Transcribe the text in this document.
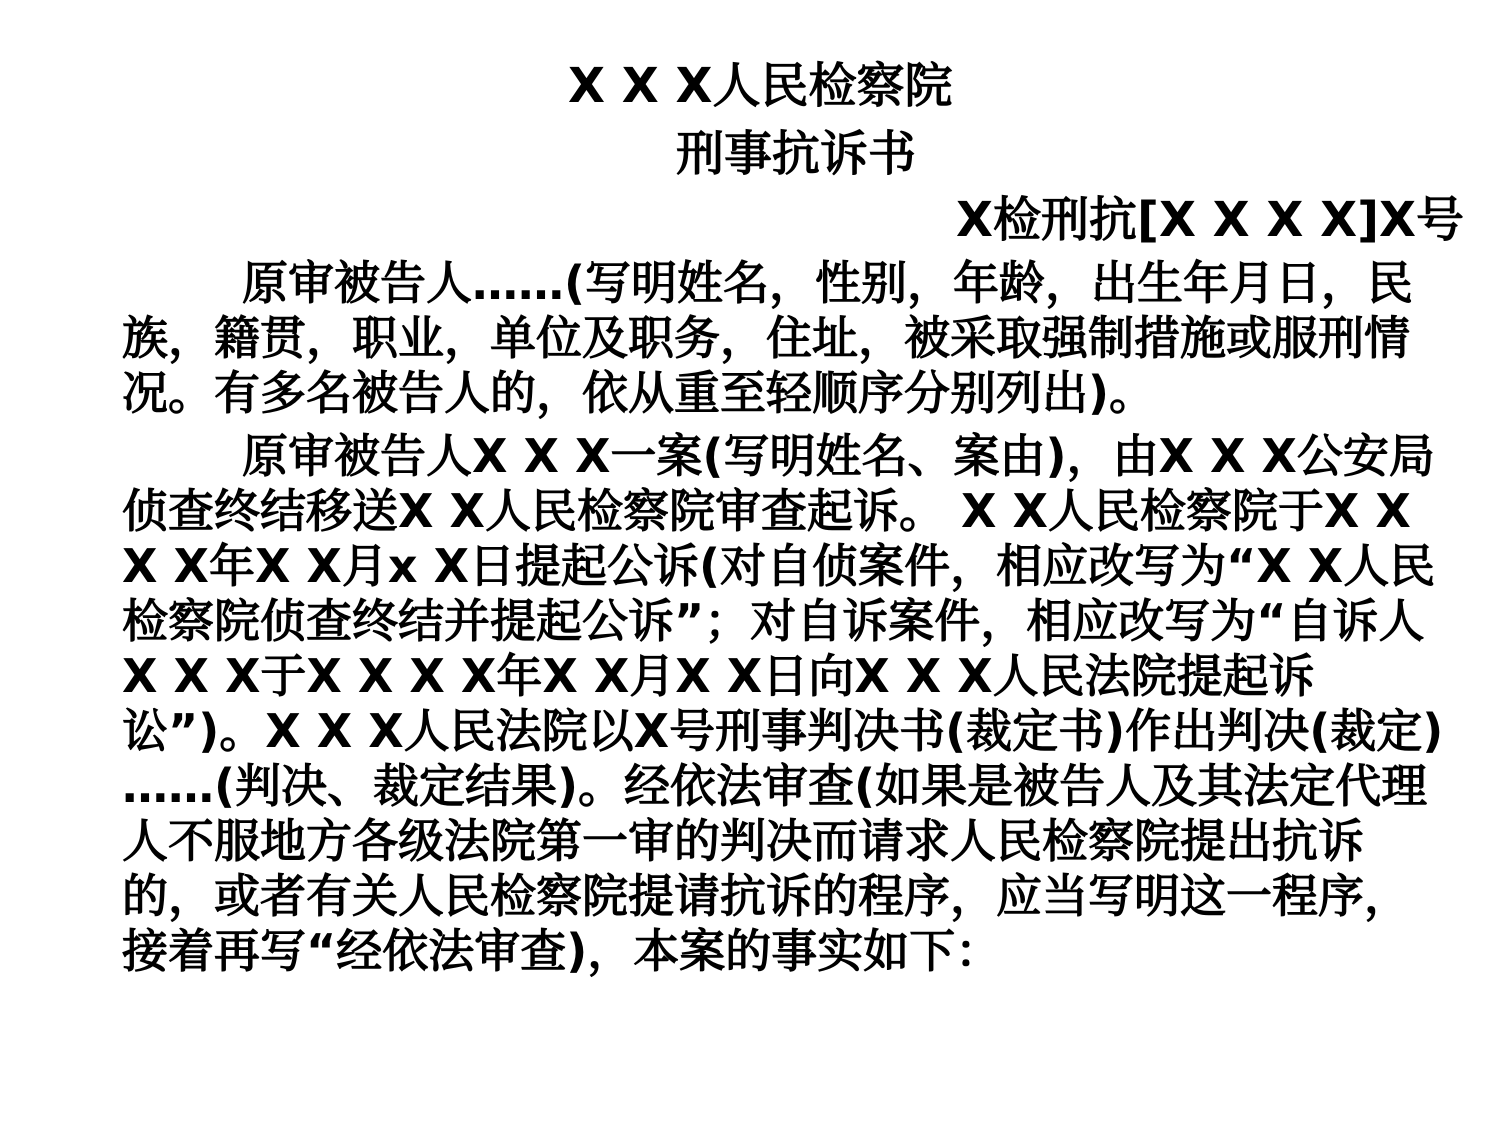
X X X人民检察院
刑事抗诉书
X检刑抗[X X X X]X号

原审被告人……(写明姓名，性别，年龄，出生年月日，民族，籍贯，职业，单位及职务，住址，被采取强制措施或服刑情况。有多名被告人的，依从重至轻顺序分别列出)。

原审被告人X X X一案(写明姓名、案由)，由X X X公安局侦查终结移送X X人民检察院审查起诉。 X X人民检察院于X X X X年X X月x X日提起公诉(对自侦案件，相应改写为“X X人民检察院侦查终结并提起公诉”；对自诉案件，相应改写为“自诉人X X X于X X X X年X X月X X日向X X X人民法院提起诉讼”)。X X X人民法院以X号刑事判决书(裁定书)作出判决(裁定) ……(判决、裁定结果)。经依法审查(如果是被告人及其法定代理人不服地方各级法院第一审的判决而请求人民检察院提出抗诉的，或者有关人民检察院提请抗诉的程序，应当写明这一程序，接着再写“经依法审查)，本案的事实如下：
